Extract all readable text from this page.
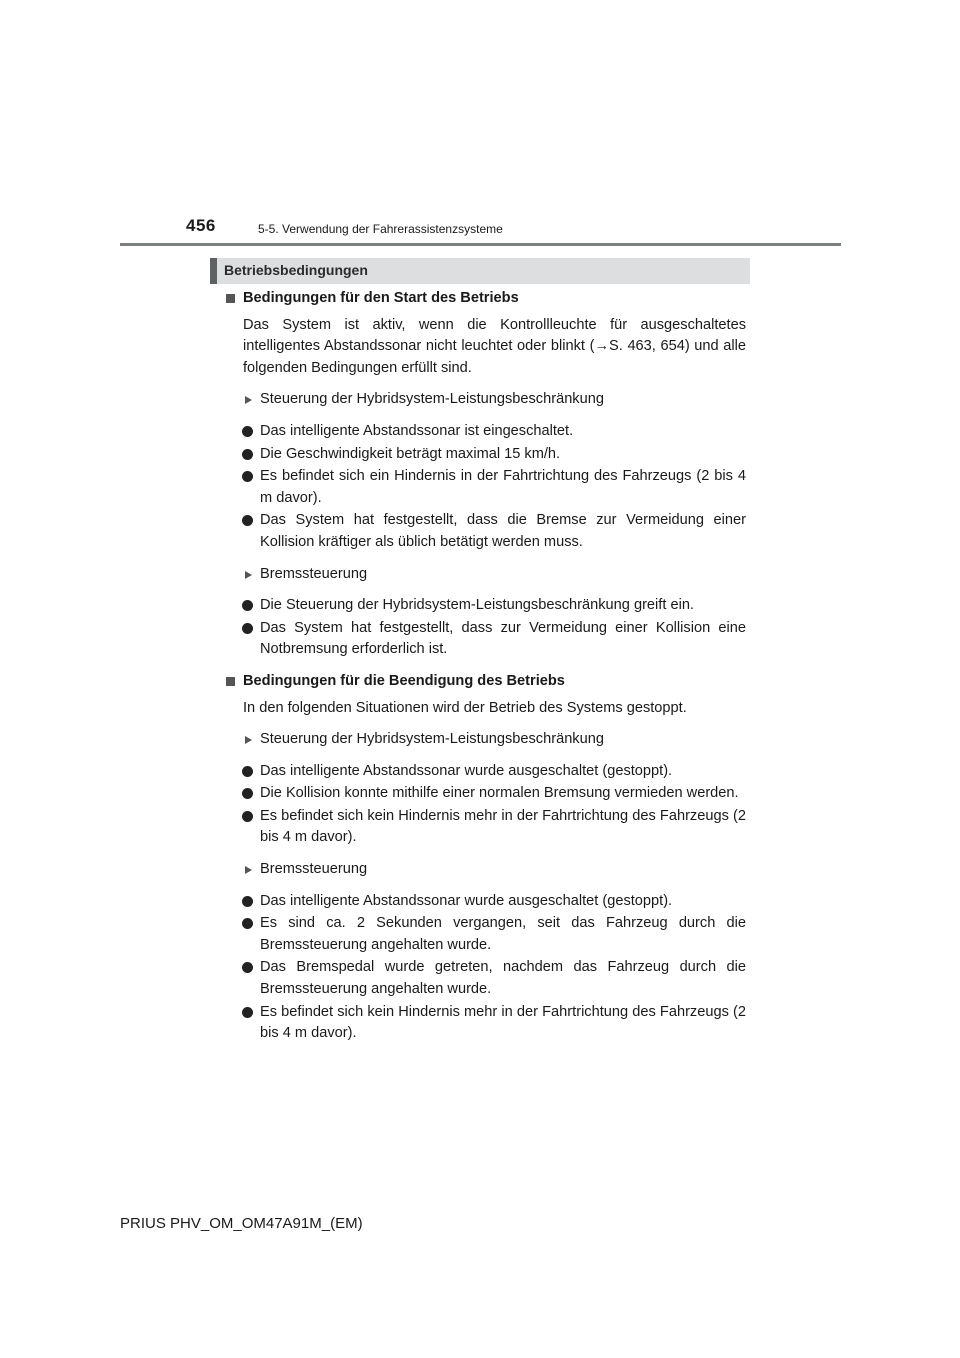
456	5-5. Verwendung der Fahrerassistenzsysteme
Betriebsbedingungen
Bedingungen für den Start des Betriebs
Das System ist aktiv, wenn die Kontrollleuchte für ausgeschaltetes intelligentes Abstandssonar nicht leuchtet oder blinkt (→S. 463, 654) und alle folgenden Bedingungen erfüllt sind.
Steuerung der Hybridsystem-Leistungsbeschränkung
Das intelligente Abstandssonar ist eingeschaltet.
Die Geschwindigkeit beträgt maximal 15 km/h.
Es befindet sich ein Hindernis in der Fahrtrichtung des Fahrzeugs (2 bis 4 m davor).
Das System hat festgestellt, dass die Bremse zur Vermeidung einer Kollision kräftiger als üblich betätigt werden muss.
Bremssteuerung
Die Steuerung der Hybridsystem-Leistungsbeschränkung greift ein.
Das System hat festgestellt, dass zur Vermeidung einer Kollision eine Notbremsung erforderlich ist.
Bedingungen für die Beendigung des Betriebs
In den folgenden Situationen wird der Betrieb des Systems gestoppt.
Steuerung der Hybridsystem-Leistungsbeschränkung
Das intelligente Abstandssonar wurde ausgeschaltet (gestoppt).
Die Kollision konnte mithilfe einer normalen Bremsung vermieden werden.
Es befindet sich kein Hindernis mehr in der Fahrtrichtung des Fahrzeugs (2 bis 4 m davor).
Bremssteuerung
Das intelligente Abstandssonar wurde ausgeschaltet (gestoppt).
Es sind ca. 2 Sekunden vergangen, seit das Fahrzeug durch die Bremssteuerung angehalten wurde.
Das Bremspedal wurde getreten, nachdem das Fahrzeug durch die Bremssteuerung angehalten wurde.
Es befindet sich kein Hindernis mehr in der Fahrtrichtung des Fahrzeugs (2 bis 4 m davor).
PRIUS PHV_OM_OM47A91M_(EM)
